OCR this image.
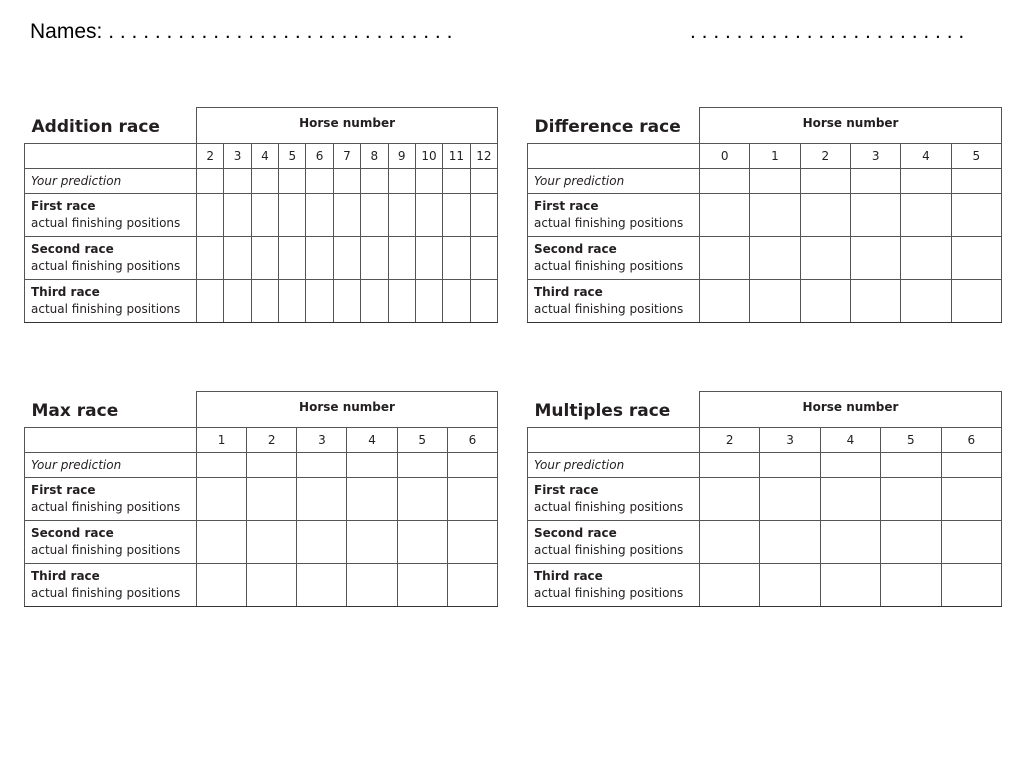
Names: . . . . . . . . . . . . . . . . . . . . . . . . . . . . . .	. . . . . . . . . . . . . . . . . . . . . . . .
Addition race	Horse number										
	2	3	4	5	6	7	8	9	10	11	12
Your prediction											

First race
actual finishing positions											

Second race
actual finishing positions											

Third race
actual finishing positions											

Difference race	Horse number					
	0	1	2	3	4	5
Your prediction						

First race
actual finishing positions						

Second race
actual finishing positions						

Third race
actual finishing positions						

Max race	Horse number					
	1	2	3	4	5	6
Your prediction						

First race
actual finishing positions						

Second race
actual finishing positions						

Third race
actual finishing positions						

Multiples race	Horse number				
	2	3	4	5	6
Your prediction					

First race
actual finishing positions					

Second race
actual finishing positions					

Third race
actual finishing positions					
